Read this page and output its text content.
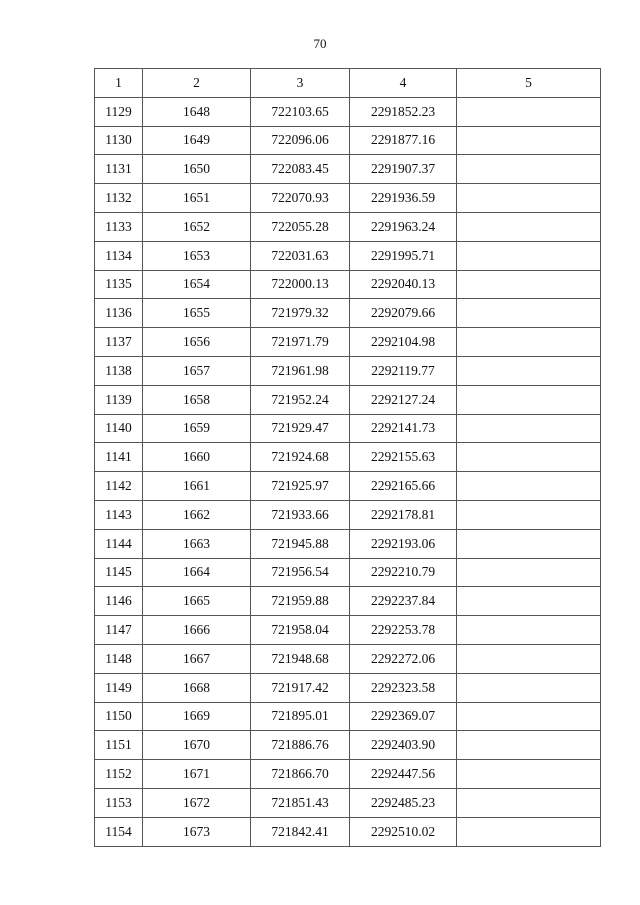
70
1	2	3	4	5
1129	1648	722103.65	2291852.23	
1130	1649	722096.06	2291877.16	
1131	1650	722083.45	2291907.37	
1132	1651	722070.93	2291936.59	
1133	1652	722055.28	2291963.24	
1134	1653	722031.63	2291995.71	
1135	1654	722000.13	2292040.13	
1136	1655	721979.32	2292079.66	
1137	1656	721971.79	2292104.98	
1138	1657	721961.98	2292119.77	
1139	1658	721952.24	2292127.24	
1140	1659	721929.47	2292141.73	
1141	1660	721924.68	2292155.63	
1142	1661	721925.97	2292165.66	
1143	1662	721933.66	2292178.81	
1144	1663	721945.88	2292193.06	
1145	1664	721956.54	2292210.79	
1146	1665	721959.88	2292237.84	
1147	1666	721958.04	2292253.78	
1148	1667	721948.68	2292272.06	
1149	1668	721917.42	2292323.58	
1150	1669	721895.01	2292369.07	
1151	1670	721886.76	2292403.90	
1152	1671	721866.70	2292447.56	
1153	1672	721851.43	2292485.23	
1154	1673	721842.41	2292510.02	
